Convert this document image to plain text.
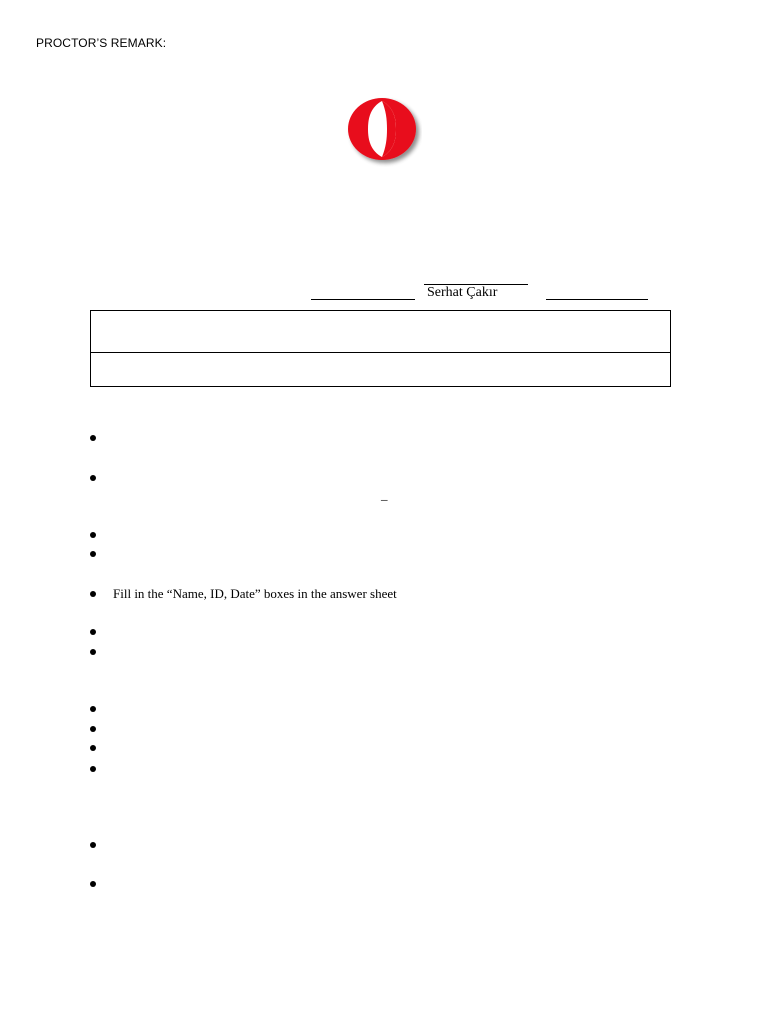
PROCTOR’S REMARK:
Serhat Çakır
_
Fill in the “Name, ID, Date” boxes in the answer sheet
